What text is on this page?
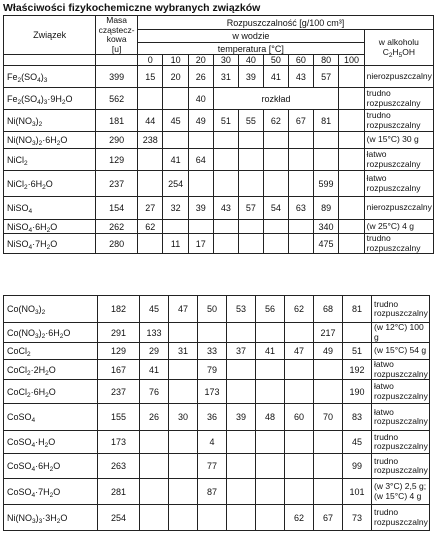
Właściwości fizykochemiczne wybranych związków
Związek	Masa
cząstecz-
kowa
[u]	Rozpuszczalność [g/100 cm³]									
		w wodzie									w alkoholu
$C_2H_5OH$
		temperatura [°C]									
		0	10	20	30	40	50	60	80	100	
$Fe_2(SO_4)_3$	399	15	20	26	31	39	41	43	57		nierozpuszczalny
$Fe_2(SO_4)_3\cdot 9H_2O$	562			40	rozkład						trudno rozpuszczalny
$Ni(NO_3)_2$	181	44	45	49	51	55	62	67	81		trudno rozpuszczalny
$Ni(NO_3)_2\cdot 6H_2O$	290	238									(w 15°C) 30 g
NiCl$_2$	129		41	64							łatwo rozpuszczalny
$NiCl_2\cdot 6H_2O$	237		254						599		łatwo rozpuszczalny
NiSO$_4$	154	27	32	39	43	57	54	63	89		nierozpuszczalny
$NiSO_4\cdot 6H_2O$	262	62							340		(w 25°C) 4 g
$NiSO_4\cdot 7H_2O$	280		11	17					475		trudno rozpuszczalny
$Co(NO_3)_2$	182	45	47	50	53	56	62	68	81	trudno rozpuszczalny
$Co(NO_3)_2\cdot 6H_2O$	291	133						217		(w 12°C) 100 g
CoCl$_2$	129	29	31	33	37	41	47	49	51	(w 15°C) 54 g
$CoCl_2\cdot 2H_2O$	167	41		79					192	łatwo rozpuszczalny
$CoCl_2\cdot 6H_2O$	237	76		173					190	łatwo rozpuszczalny
CoSO$_4$	155	26	30	36	39	48	60	70	83	łatwo rozpuszczalny
$CoSO_4\cdot H_2O$	173			4					45	trudno rozpuszczalny
$CoSO_4\cdot 6H_2O$	263			77					99	trudno rozpuszczalny
$CoSO_4\cdot 7H_2O$	281			87					101	(w 3°C) 2,5 g; (w 15°C) 4 g
$Ni(NO_3)_3\cdot 3H_2O$	254						62	67	73	trudno rozpuszczalny
